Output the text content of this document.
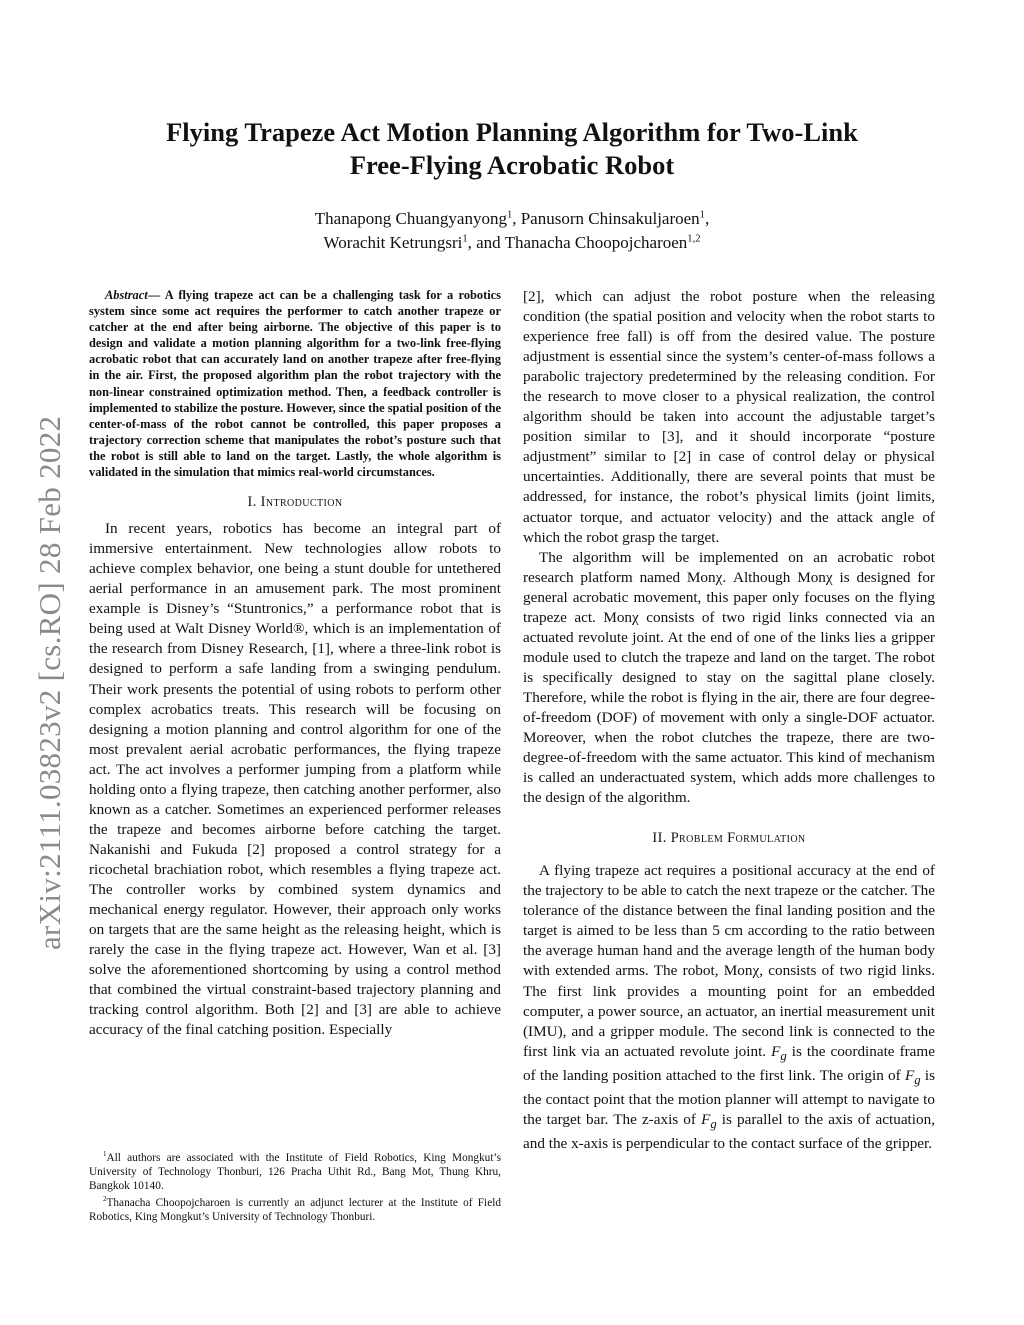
arXiv:2111.03823v2 [cs.RO] 28 Feb 2022
Flying Trapeze Act Motion Planning Algorithm for Two-Link
Free-Flying Acrobatic Robot
Thanapong Chuangyanyong$^1$, Panusorn Chinsakuljaroen$^1$,
Worachit Ketrungsri$^1$, and Thanacha Choopojcharoen$^{1,2}$

Abstract— A flying trapeze act can be a challenging task for a robotics system since some act requires the performer to catch another trapeze or catcher at the end after being airborne. The objective of this paper is to design and validate a motion planning algorithm for a two-link free-flying acrobatic robot that can accurately land on another trapeze after free-flying in the air. First, the proposed algorithm plan the robot trajectory with the non-linear constrained optimization method. Then, a feedback controller is implemented to stabilize the posture. However, since the spatial position of the center-of-mass of the robot cannot be controlled, this paper proposes a trajectory correction scheme that manipulates the robot’s posture such that the robot is still able to land on the target. Lastly, the whole algorithm is validated in the simulation that mimics real-world circumstances.

I. Introduction

In recent years, robotics has become an integral part of immersive entertainment. New technologies allow robots to achieve complex behavior, one being a stunt double for untethered aerial performance in an amusement park. The most prominent example is Disney’s “Stuntronics,” a performance robot that is being used at Walt Disney World®, which is an implementation of the research from Disney Research, [1], where a three-link robot is designed to perform a safe landing from a swinging pendulum. Their work presents the potential of using robots to perform other complex acrobatics treats. This research will be focusing on designing a motion planning and control algorithm for one of the most prevalent aerial acrobatic performances, the flying trapeze act. The act involves a performer jumping from a platform while holding onto a flying trapeze, then catching another performer, also known as a catcher. Sometimes an experienced performer releases the trapeze and becomes airborne before catching the target. Nakanishi and Fukuda [2] proposed a control strategy for a ricochetal brachiation robot, which resembles a flying trapeze act. The controller works by combined system dynamics and mechanical energy regulator. However, their approach only works on targets that are the same height as the releasing height, which is rarely the case in the flying trapeze act. However, Wan et al. [3] solve the aforementioned shortcoming by using a control method that combined the virtual constraint-based trajectory planning and tracking control algorithm. Both [2] and [3] are able to achieve accuracy of the final catching position. Especially

$^1$All authors are associated with the Institute of Field Robotics, King Mongkut’s University of Technology Thonburi, 126 Pracha Uthit Rd., Bang Mot, Thung Khru, Bangkok 10140.

$^2$Thanacha Choopojcharoen is currently an adjunct lecturer at the Institute of Field Robotics, King Mongkut’s University of Technology Thonburi.

[2], which can adjust the robot posture when the releasing condition (the spatial position and velocity when the robot starts to experience free fall) is off from the desired value. The posture adjustment is essential since the system’s center-of-mass follows a parabolic trajectory predetermined by the releasing condition. For the research to move closer to a physical realization, the control algorithm should be taken into account the adjustable target’s position similar to [3], and it should incorporate “posture adjustment” similar to [2] in case of control delay or physical uncertainties. Additionally, there are several points that must be addressed, for instance, the robot’s physical limits (joint limits, actuator torque, and actuator velocity) and the attack angle of which the robot grasp the target.

The algorithm will be implemented on an acrobatic robot research platform named Monχ. Although Monχ is designed for general acrobatic movement, this paper only focuses on the flying trapeze act. Monχ consists of two rigid links connected via an actuated revolute joint. At the end of one of the links lies a gripper module used to clutch the trapeze and land on the target. The robot is specifically designed to stay on the sagittal plane closely. Therefore, while the robot is flying in the air, there are four degree-of-freedom (DOF) of movement with only a single-DOF actuator. Moreover, when the robot clutches the trapeze, there are two-degree-of-freedom with the same actuator. This kind of mechanism is called an underactuated system, which adds more challenges to the design of the algorithm.

II. Problem Formulation

A flying trapeze act requires a positional accuracy at the end of the trajectory to be able to catch the next trapeze or the catcher. The tolerance of the distance between the final landing position and the target is aimed to be less than 5 cm according to the ratio between the average human hand and the average length of the human body with extended arms. The robot, Monχ, consists of two rigid links. The first link provides a mounting point for an embedded computer, a power source, an actuator, an inertial measurement unit (IMU), and a gripper module. The second link is connected to the first link via an actuated revolute joint. $F_g$ is the coordinate frame of the landing position attached to the first link. The origin of $F_g$ is the contact point that the motion planner will attempt to navigate to the target bar. The z-axis of $F_g$ is parallel to the axis of actuation, and the x-axis is perpendicular to the contact surface of the gripper.
